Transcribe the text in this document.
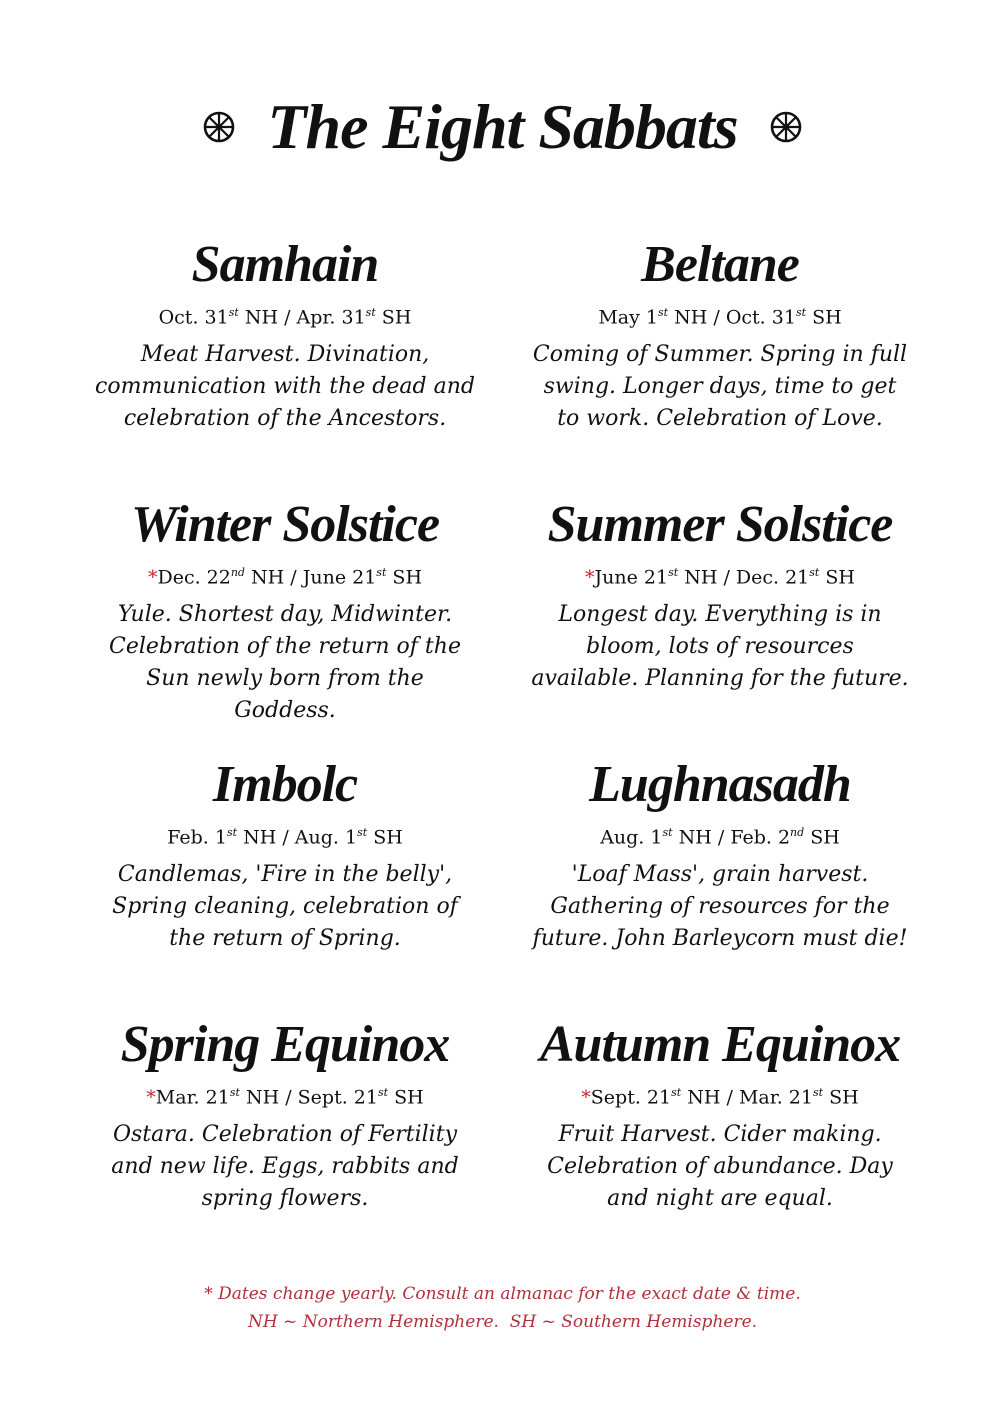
The Eight Sabbats
Samhain
Oct. 31st NH / Apr. 31st SH
Meat Harvest. Divination, communication with the dead and celebration of the Ancestors.
Beltane
May 1st NH / Oct. 31st SH
Coming of Summer. Spring in full swing. Longer days, time to get to work. Celebration of Love.
Winter Solstice
*Dec. 22nd NH / June 21st SH
Yule. Shortest day, Midwinter. Celebration of the return of the Sun newly born from the Goddess.
Summer Solstice
*June 21st NH / Dec. 21st SH
Longest day. Everything is in bloom, lots of resources available. Planning for the future.
Imbolc
Feb. 1st NH / Aug. 1st SH
Candlemas, 'Fire in the belly', Spring cleaning, celebration of the return of Spring.
Lughnasadh
Aug. 1st NH / Feb. 2nd SH
'Loaf Mass', grain harvest. Gathering of resources for the future. John Barleycorn must die!
Spring Equinox
*Mar. 21st NH / Sept. 21st SH
Ostara. Celebration of Fertility and new life. Eggs, rabbits and spring flowers.
Autumn Equinox
*Sept. 21st NH / Mar. 21st SH
Fruit Harvest. Cider making. Celebration of abundance. Day and night are equal.
* Dates change yearly. Consult an almanac for the exact date & time.
NH ~ Northern Hemisphere.  SH ~ Southern Hemisphere.
